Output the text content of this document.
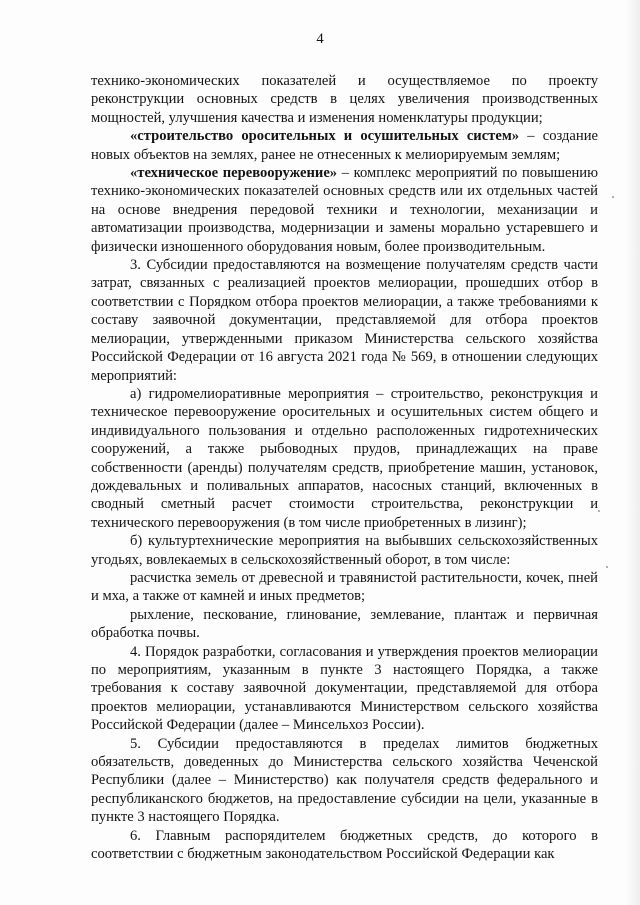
4

технико-экономических показателей и осуществляемое по проекту реконструкции основных средств в целях увеличения производственных мощностей, улучшения качества и изменения номенклатуры продукции;

«строительство оросительных и осушительных систем» – создание новых объектов на землях, ранее не отнесенных к мелиорируемым землям;

«техническое перевооружение» – комплекс мероприятий по повышению технико-экономических показателей основных средств или их отдельных частей на основе внедрения передовой техники и технологии, механизации и автоматизации производства, модернизации и замены морально устаревшего и физически изношенного оборудования новым, более производительным.

3. Субсидии предоставляются на возмещение получателям средств части затрат, связанных с реализацией проектов мелиорации, прошедших отбор в соответствии с Порядком отбора проектов мелиорации, а также требованиями к составу заявочной документации, представляемой для отбора проектов мелиорации, утвержденными приказом Министерства сельского хозяйства Российской Федерации от 16 августа 2021 года № 569, в отношении следующих мероприятий:

а) гидромелиоративные мероприятия – строительство, реконструкция и техническое перевооружение оросительных и осушительных систем общего и индивидуального пользования и отдельно расположенных гидротехнических сооружений, а также рыбоводных прудов, принадлежащих на праве собственности (аренды) получателям средств, приобретение машин, установок, дождевальных и поливальных аппаратов, насосных станций, включенных в сводный сметный расчет стоимости строительства, реконструкции и технического перевооружения (в том числе приобретенных в лизинг);

б) культуртехнические мероприятия на выбывших сельскохозяйственных угодьях, вовлекаемых в сельскохозяйственный оборот, в том числе:

расчистка земель от древесной и травянистой растительности, кочек, пней и мха, а также от камней и иных предметов;

рыхление, пескование, глинование, землевание, плантаж и первичная обработка почвы.

4. Порядок разработки, согласования и утверждения проектов мелиорации по мероприятиям, указанным в пункте 3 настоящего Порядка, а также требования к составу заявочной документации, представляемой для отбора проектов мелиорации, устанавливаются Министерством сельского хозяйства Российской Федерации (далее – Минсельхоз России).

5. Субсидии предоставляются в пределах лимитов бюджетных обязательств, доведенных до Министерства сельского хозяйства Чеченской Республики (далее – Министерство) как получателя средств федерального и республиканского бюджетов, на предоставление субсидии на цели, указанные в пункте 3 настоящего Порядка.

6. Главным распорядителем бюджетных средств, до которого в соответствии с бюджетным законодательством Российской Федерации как
